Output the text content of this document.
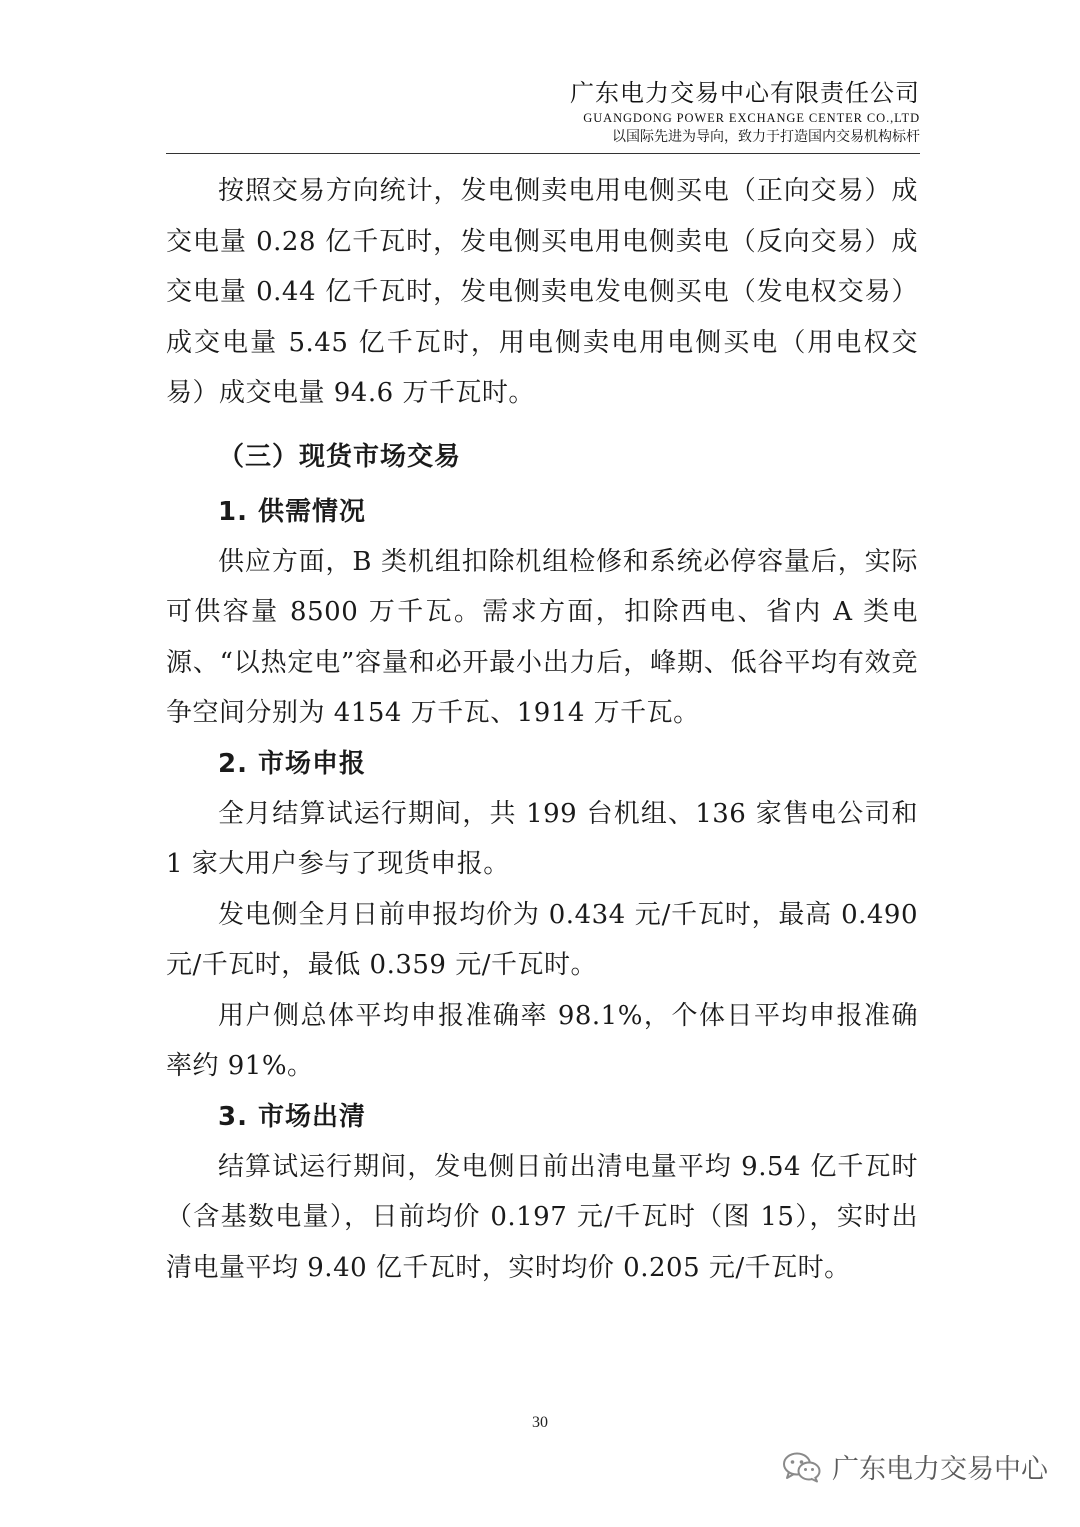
广东电力交易中心有限责任公司
GUANGDONG POWER EXCHANGE CENTER CO.,LTD
以国际先进为导向，致力于打造国内交易机构标杆

按照交易方向统计，发电侧卖电用电侧买电（正向交易）成交电量 0.28 亿千瓦时，发电侧买电用电侧卖电（反向交易）成交电量 0.44 亿千瓦时，发电侧卖电发电侧买电（发电权交易）成交电量 5.45 亿千瓦时，用电侧卖电用电侧买电（用电权交易）成交电量 94.6 万千瓦时。

（三）现货市场交易
1. 供需情况

供应方面，B 类机组扣除机组检修和系统必停容量后，实际可供容量 8500 万千瓦。需求方面，扣除西电、省内 A 类电源、“以热定电”容量和必开最小出力后，峰期、低谷平均有效竞争空间分别为 4154 万千瓦、1914 万千瓦。

2. 市场申报

全月结算试运行期间，共 199 台机组、136 家售电公司和 1 家大用户参与了现货申报。

发电侧全月日前申报均价为 0.434 元/千瓦时，最高 0.490 元/千瓦时，最低 0.359 元/千瓦时。

用户侧总体平均申报准确率 98.1%，个体日平均申报准确率约 91%。

3. 市场出清

结算试运行期间，发电侧日前出清电量平均 9.54 亿千瓦时（含基数电量），日前均价 0.197 元/千瓦时（图 15），实时出清电量平均 9.40 亿千瓦时，实时均价 0.205 元/千瓦时。

30
广东电力交易中心
